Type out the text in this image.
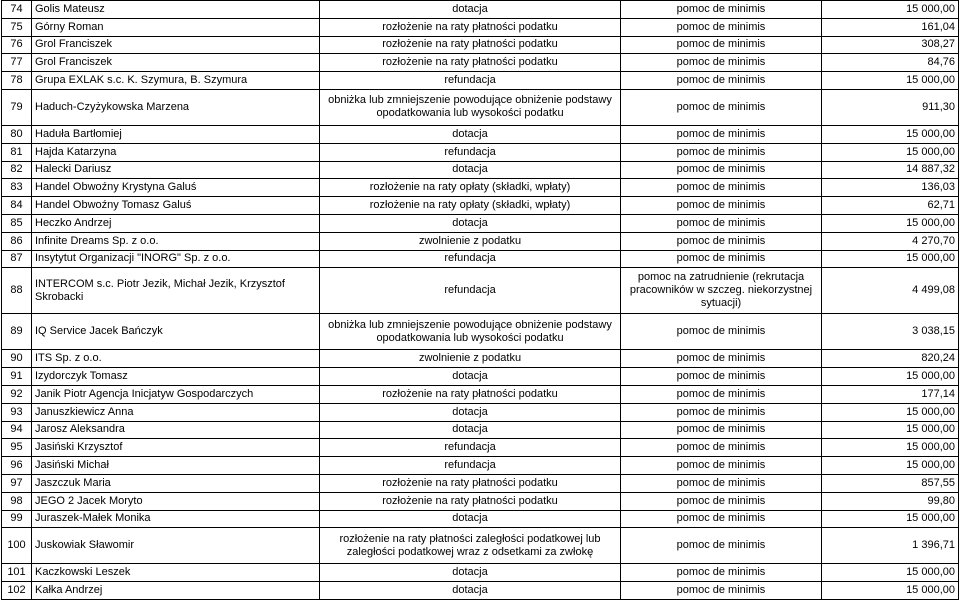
74	Golis Mateusz	dotacja	pomoc de minimis	15 000,00
75	Górny Roman	rozłożenie na raty płatności podatku	pomoc de minimis	161,04
76	Grol Franciszek	rozłożenie na raty płatności podatku	pomoc de minimis	308,27
77	Grol Franciszek	rozłożenie na raty płatności podatku	pomoc de minimis	84,76
78	Grupa EXLAK s.c. K. Szymura, B. Szymura	refundacja	pomoc de minimis	15 000,00
79	Haduch-Czyżykowska Marzena	obniżka lub zmniejszenie powodujące obniżenie podstawy opodatkowania lub wysokości podatku	pomoc de minimis	911,30
80	Haduła Bartłomiej	dotacja	pomoc de minimis	15 000,00
81	Hajda Katarzyna	refundacja	pomoc de minimis	15 000,00
82	Halecki Dariusz	dotacja	pomoc de minimis	14 887,32
83	Handel Obwoźny Krystyna Galuś	rozłożenie na raty opłaty (składki, wpłaty)	pomoc de minimis	136,03
84	Handel Obwoźny Tomasz Galuś	rozłożenie na raty opłaty (składki, wpłaty)	pomoc de minimis	62,71
85	Heczko Andrzej	dotacja	pomoc de minimis	15 000,00
86	Infinite Dreams Sp. z o.o.	zwolnienie z podatku	pomoc de minimis	4 270,70
87	Insytytut Organizacji "INORG" Sp. z o.o.	refundacja	pomoc de minimis	15 000,00
88	INTERCOM s.c. Piotr Jezik, Michał Jezik, Krzysztof Skrobacki	refundacja	pomoc na zatrudnienie (rekrutacja pracowników w szczeg. niekorzystnej sytuacji)	4 499,08
89	IQ Service Jacek Bańczyk	obniżka lub zmniejszenie powodujące obniżenie podstawy opodatkowania lub wysokości podatku	pomoc de minimis	3 038,15
90	ITS Sp. z o.o.	zwolnienie z podatku	pomoc de minimis	820,24
91	Izydorczyk Tomasz	dotacja	pomoc de minimis	15 000,00
92	Janik Piotr Agencja Inicjatyw Gospodarczych	rozłożenie na raty płatności podatku	pomoc de minimis	177,14
93	Januszkiewicz Anna	dotacja	pomoc de minimis	15 000,00
94	Jarosz Aleksandra	dotacja	pomoc de minimis	15 000,00
95	Jasiński Krzysztof	refundacja	pomoc de minimis	15 000,00
96	Jasiński Michał	refundacja	pomoc de minimis	15 000,00
97	Jaszczuk Maria	rozłożenie na raty płatności podatku	pomoc de minimis	857,55
98	JEGO 2 Jacek Moryto	rozłożenie na raty płatności podatku	pomoc de minimis	99,80
99	Juraszek-Małek Monika	dotacja	pomoc de minimis	15 000,00
100	Juskowiak Sławomir	rozłożenie na raty płatności zaległości podatkowej lub zaległości podatkowej wraz z odsetkami za zwłokę	pomoc de minimis	1 396,71
101	Kaczkowski Leszek	dotacja	pomoc de minimis	15 000,00
102	Kałka Andrzej	dotacja	pomoc de minimis	15 000,00
